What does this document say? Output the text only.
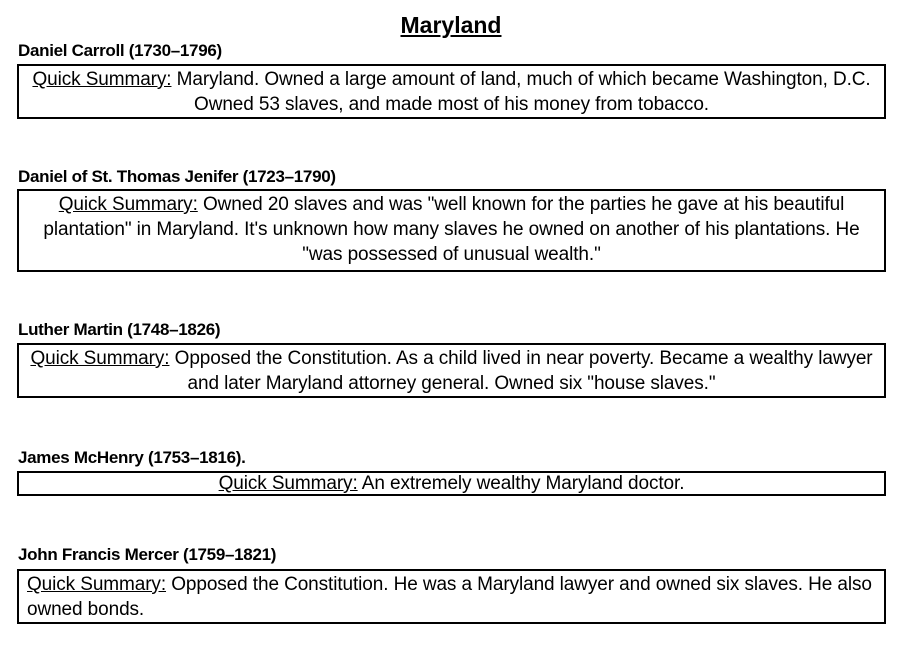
Maryland
Daniel Carroll (1730–1796)
Quick Summary: Maryland. Owned a large amount of land, much of which became Washington, D.C. Owned 53 slaves, and made most of his money from tobacco.
Daniel of St. Thomas Jenifer (1723–1790)
Quick Summary: Owned 20 slaves and was "well known for the parties he gave at his beautiful plantation" in Maryland. It's unknown how many slaves he owned on another of his plantations. He "was possessed of unusual wealth."
Luther Martin (1748–1826)
Quick Summary: Opposed the Constitution. As a child lived in near poverty. Became a wealthy lawyer and later Maryland attorney general. Owned six "house slaves."
James McHenry (1753–1816).
Quick Summary: An extremely wealthy Maryland doctor.
John Francis Mercer (1759–1821)
Quick Summary: Opposed the Constitution. He was a Maryland lawyer and owned six slaves. He also owned bonds.
